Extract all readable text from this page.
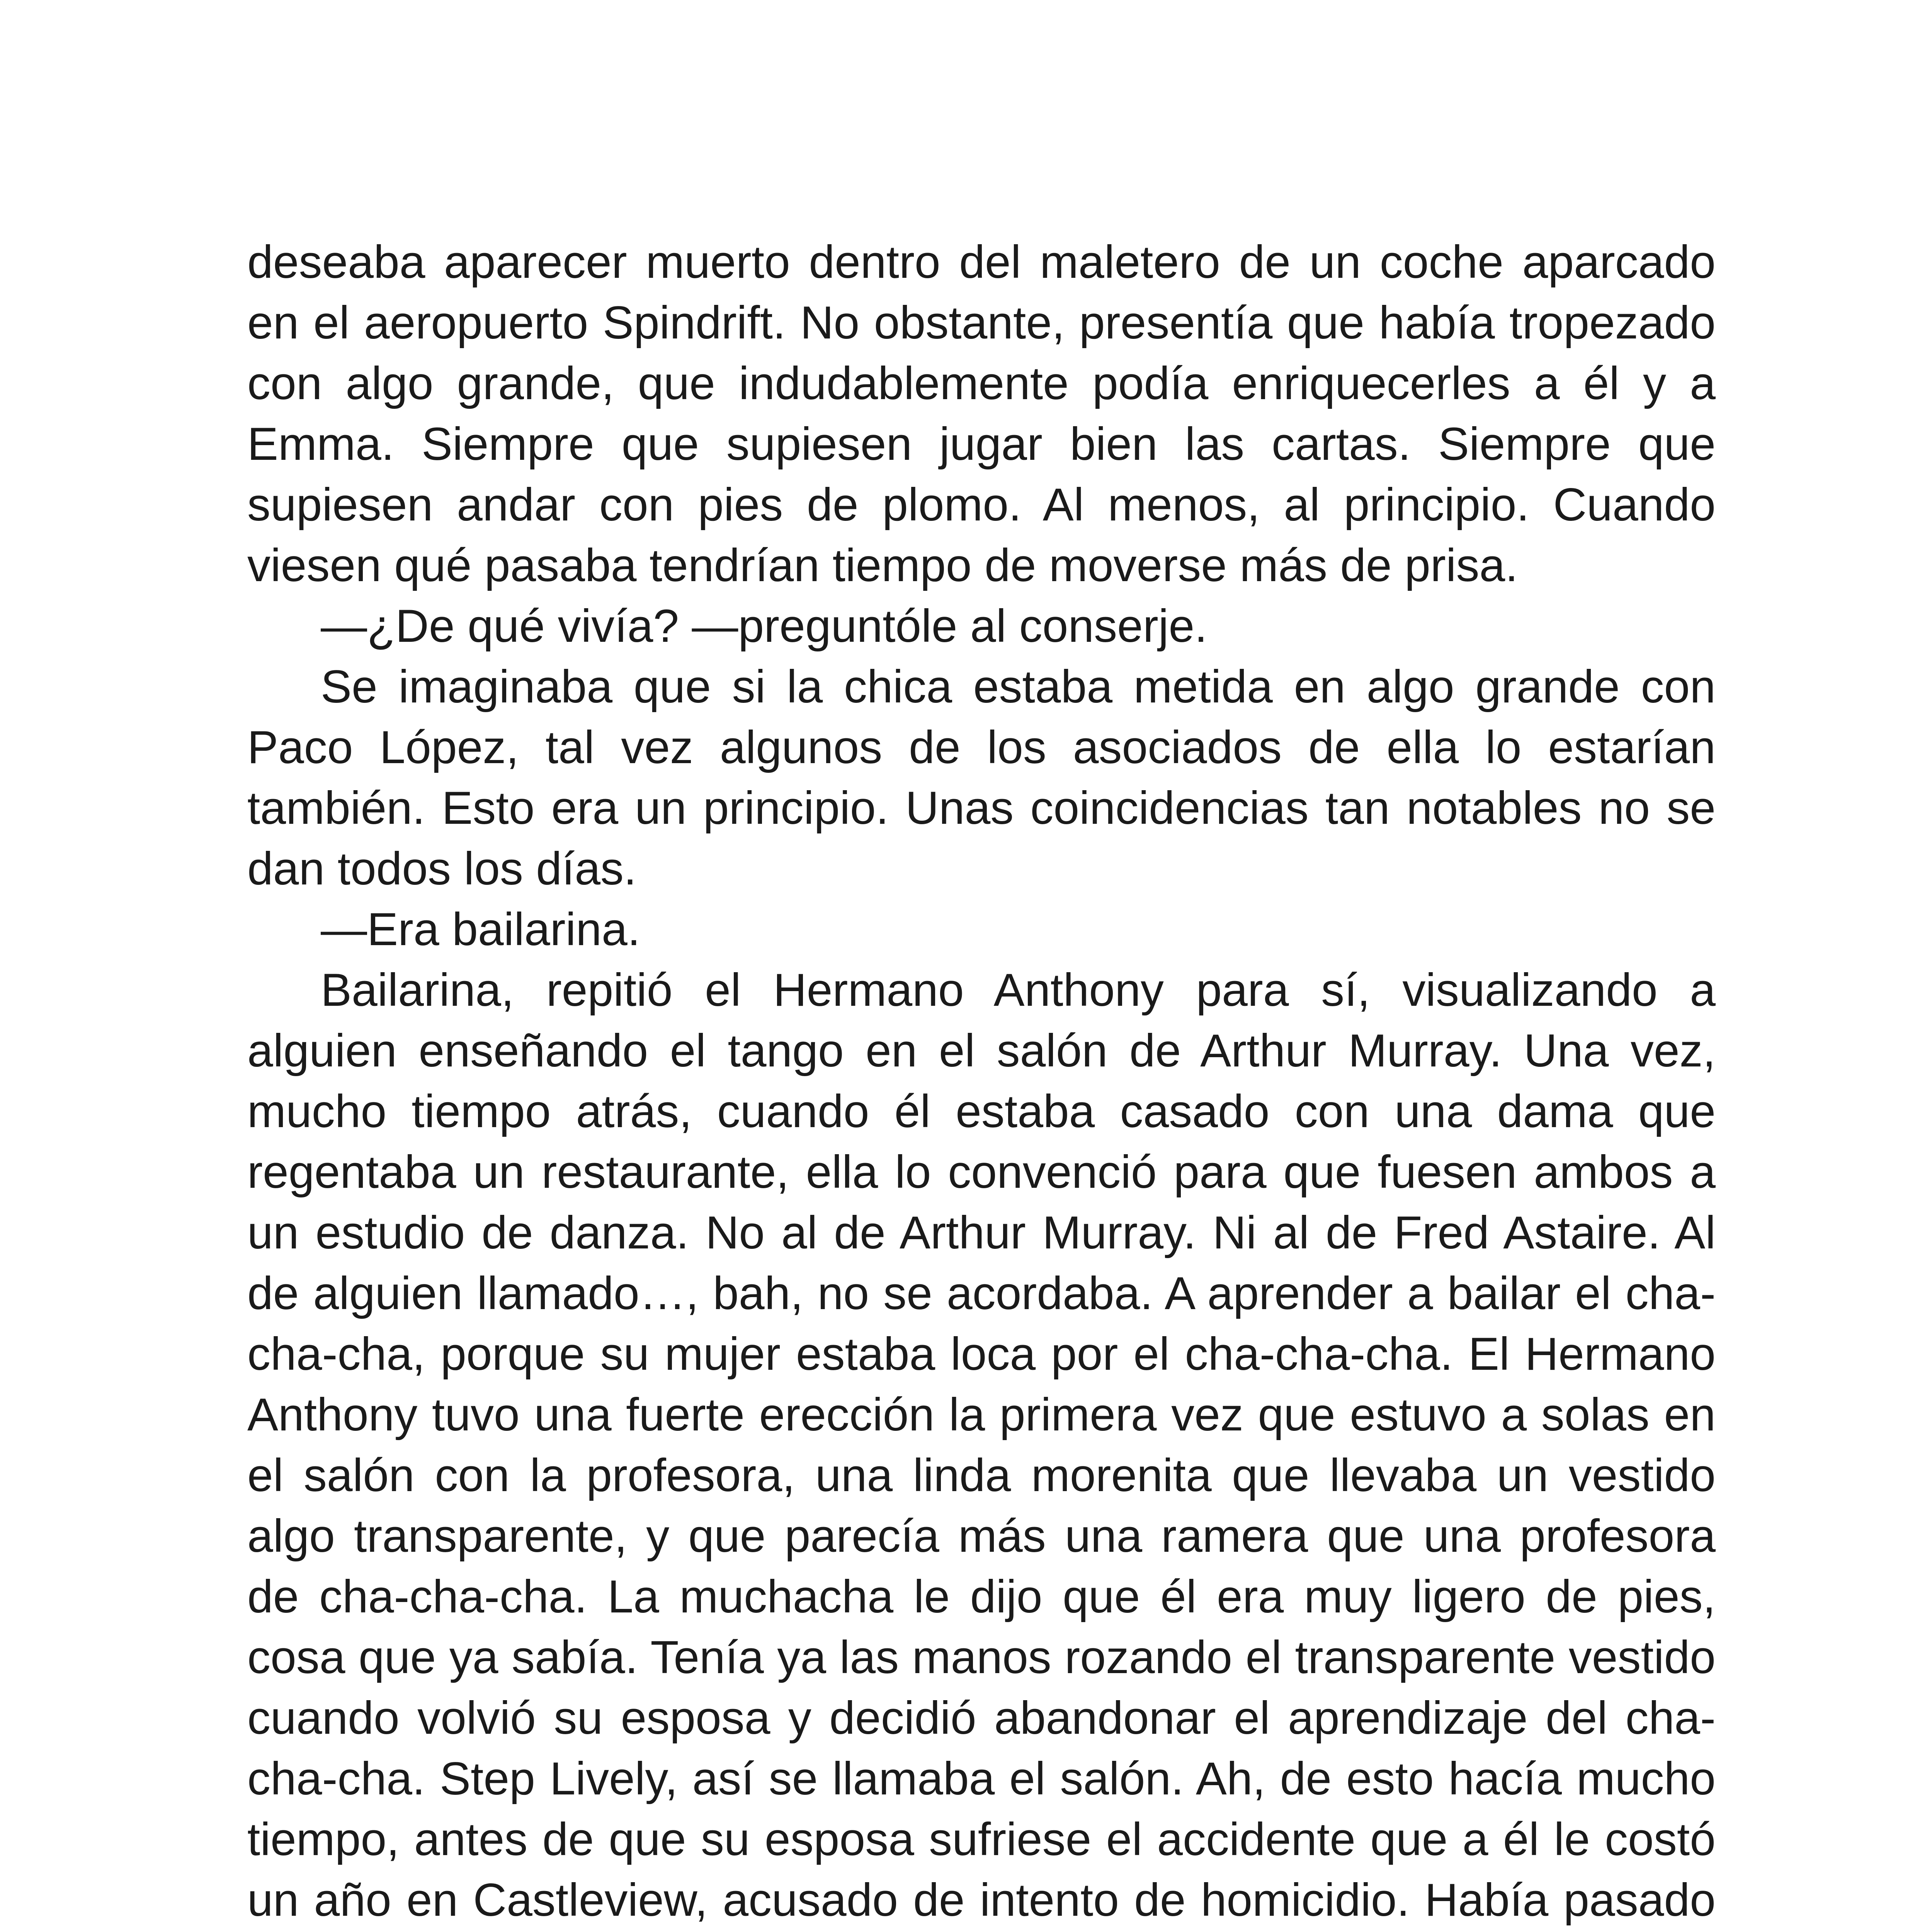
deseaba aparecer muerto dentro del maletero de un coche aparcado en el aeropuerto Spindrift. No obstante, presentía que había tropezado con algo grande, que indudablemente podía enriquecerles a él y a Emma. Siempre que supiesen jugar bien las cartas. Siempre que supiesen andar con pies de plomo. Al menos, al principio. Cuando viesen qué pasaba tendrían tiempo de moverse más de prisa.

—¿De qué vivía? —preguntóle al conserje.

Se imaginaba que si la chica estaba metida en algo grande con Paco López, tal vez algunos de los asociados de ella lo estarían también. Esto era un principio. Unas coincidencias tan notables no se dan todos los días.

—Era bailarina.

Bailarina, repitió el Hermano Anthony para sí, visualizando a alguien enseñando el tango en el salón de Arthur Murray. Una vez, mucho tiempo atrás, cuando él estaba casado con una dama que regentaba un restaurante, ella lo convenció para que fuesen ambos a un estudio de danza. No al de Arthur Murray. Ni al de Fred Astaire. Al de alguien llamado…, bah, no se acordaba. A aprender a bailar el cha-cha-cha, porque su mujer estaba loca por el cha-cha-cha. El Hermano Anthony tuvo una fuerte erección la primera vez que estuvo a solas en el salón con la profesora, una linda morenita que llevaba un vestido algo transparente, y que parecía más una ramera que una profesora de cha-cha-cha. La muchacha le dijo que él era muy ligero de pies, cosa que ya sabía. Tenía ya las manos rozando el transparente vestido cuando volvió su esposa y decidió abandonar el aprendizaje del cha-cha-cha. Step Lively, así se llamaba el salón. Ah, de esto hacía mucho tiempo, antes de que su esposa sufriese el accidente que a él le costó un año en Castleview, acusado de intento de homicidio. Había pasado
